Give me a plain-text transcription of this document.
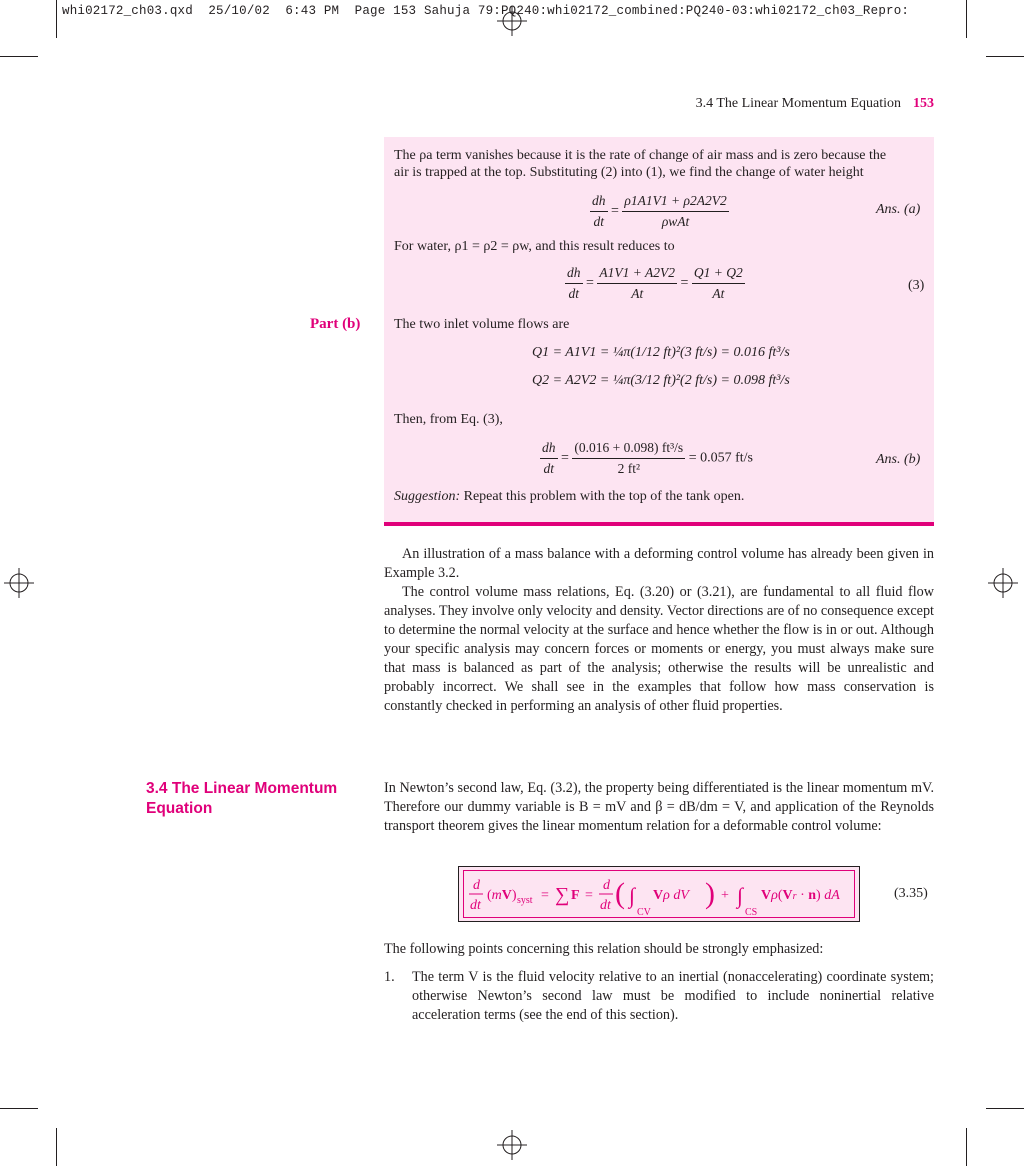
whi02172_ch03.qxd  25/10/02  6:43 PM  Page 153 Sahuja 79:PQ240:whi02172_combined:PQ240-03:whi02172_ch03_Repro:
3.4 The Linear Momentum Equation 153
The ρa term vanishes because it is the rate of change of air mass and is zero because the
air is trapped at the top. Substituting (2) into (1), we find the change of water height
$\frac{dh}{dt} = \frac{\rho 1A1V1 + \rho 2A2V2}{\text{ρwAt}}$	Ans. (a)
For water, ρ1 = ρ2 = ρw, and this result reduces to
$\frac{dh}{dt} = \frac{A1V1 + A2V2}{At} = \frac{Q1 + Q2}{At}$	(3)
The two inlet volume flows are
Q1 = A1V1 = ¼π(1/12 ft)²(3 ft/s) = 0.016 ft³/s
Q2 = A2V2 = ¼π(3/12 ft)²(2 ft/s) = 0.098 ft³/s
Then, from Eq. (3),
$\frac{dh}{dt} = \frac{\text{(0.016 + 0.098) ft³/s}}{\text{2 ft²}} = 0.057$ ft/s	Ans. (b)
Suggestion: Repeat this problem with the top of the tank open.
Part (b)

An illustration of a mass balance with a deforming control volume has already been given in Example 3.2.

The control volume mass relations, Eq. (3.20) or (3.21), are fundamental to all fluid flow analyses. They involve only velocity and density. Vector directions are of no consequence except to determine the normal velocity at the surface and hence whether the flow is in or out. Although your specific analysis may concern forces or moments or energy, you must always make sure that mass is balanced as part of the analysis; otherwise the results will be unrealistic and probably incorrect. We shall see in the examples that follow how mass conservation is constantly checked in performing an analysis of other fluid properties.

3.4 The Linear Momentum Equation

In Newton’s second law, Eq. (3.2), the property being differentiated is the linear momentum mV. Therefore our dummy variable is B = mV and β = dB/dm = V, and application of the Reynolds transport theorem gives the linear momentum relation for a deformable control volume:

d
dt
(mV) syst = ∑ F =
d
dt ( ∫
CV
Vρ dV ) + ∫
CS
Vρ(Vr · n) dA	(3.35)

The following points concerning this relation should be strongly emphasized:

1. The term V is the fluid velocity relative to an inertial (nonaccelerating) coordinate system; otherwise Newton’s second law must be modified to include noninertial relative acceleration terms (see the end of this section).
